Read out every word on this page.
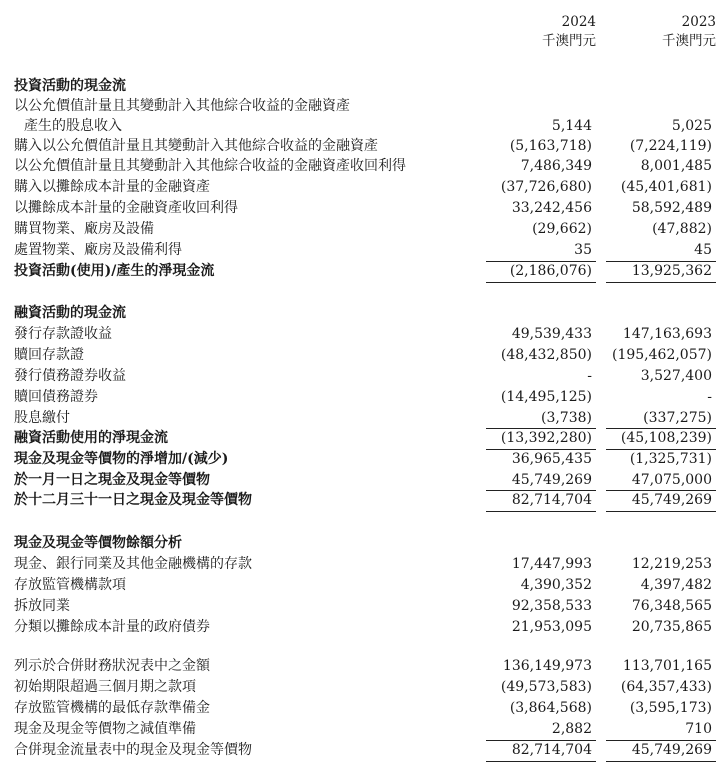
2024
千澳門元
2023
千澳門元
投資活動的現金流
以公允價值計量且其變動計入其他綜合收益的金融資產
產生的股息收入	5,144	5,025
購入以公允價值計量且其變動計入其他綜合收益的金融資產	(5,163,718)	(7,224,119)
以公允價值計量且其變動計入其他綜合收益的金融資產收回利得	7,486,349	8,001,485
購入以攤餘成本計量的金融資產	(37,726,680) (45,401,681)
以攤餘成本計量的金融資產收回利得	33,242,456	58,592,489
購買物業、廠房及設備	(29,662)	(47,882)
處置物業、廠房及設備利得	35	45
投資活動(使用)/產生的淨現金流	(2,186,076)	13,925,362
融資活動的現金流
發行存款證收益	49,539,433 147,163,693
贖回存款證	(48,432,850) (195,462,057)
發行債務證券收益	-	3,527,400
贖回債務證券	(14,495,125)	-
股息繳付	(3,738)	(337,275)
融資活動使用的淨現金流	(13,392,280) (45,108,239)
現金及現金等價物的淨增加/(減少)	36,965,435	(1,325,731)
於一月一日之現金及現金等價物	45,749,269	47,075,000
於十二月三十一日之現金及現金等價物	82,714,704	45,749,269
現金及現金等價物餘額分析
現金、銀行同業及其他金融機構的存款	17,447,993	12,219,253
存放監管機構款項	4,390,352	4,397,482
拆放同業	92,358,533	76,348,565
分類以攤餘成本計量的政府債券	21,953,095	20,735,865
列示於合併財務狀況表中之金額	136,149,973 113,701,165
初始期限超過三個月期之款項	(49,573,583) (64,357,433)
存放監管機構的最低存款準備金	(3,864,568)	(3,595,173)
現金及現金等價物之減值準備	2,882	710
合併現金流量表中的現金及現金等價物	82,714,704	45,749,269
